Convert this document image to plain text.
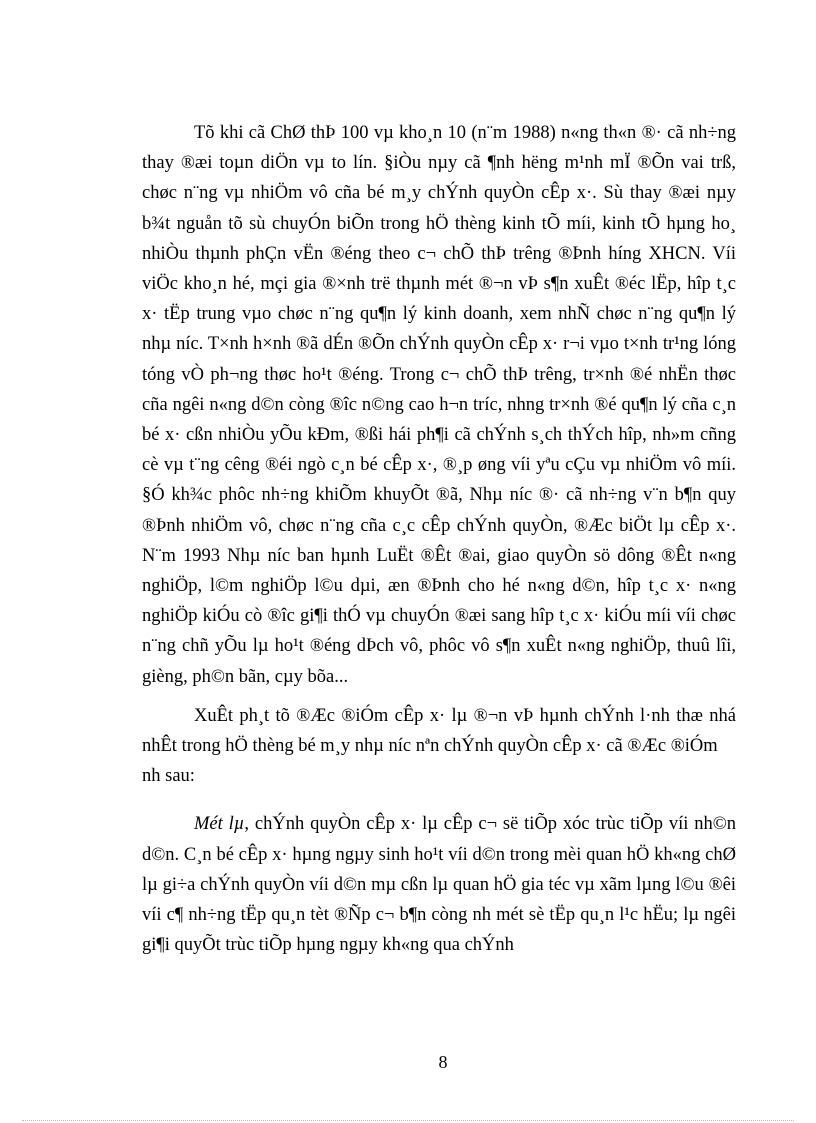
Tõ khi cã ChØ thÞ 100 vµ kho¸n 10 (n¨m 1988) n«ng th«n ®· cã nh÷ng thay ®æi toµn diÖn vµ to lín. §iÒu nµy cã ¶nh hëng m¹nh mÏ ®Õn vai trß, chøc n¨ng vµ nhiÖm vô cña bé m¸y chÝnh quyÒn cÊp x·. Sù thay ®æi nµy b¾t nguån tõ sù chuyÓn biÕn trong hÖ thèng kinh tÕ míi, kinh tÕ hµng ho¸ nhiÒu thµnh phÇn vËn ®éng theo c¬ chÕ thÞ trêng ®Þnh híng XHCN. Víi viÖc kho¸n hé, mçi gia ®×nh trë thµnh mét ®¬n vÞ s¶n xuÊt ®éc lËp, hîp t¸c x· tËp trung vµo chøc n¨ng qu¶n lý kinh doanh, xem nhÑ chøc n¨ng qu¶n lý nhµ níc. T×nh h×nh ®ã dÉn ®Õn chÝnh quyÒn cÊp x· r¬i vµo t×nh tr¹ng lóng tóng vÒ ph¬ng thøc ho¹t ®éng. Trong c¬ chÕ thÞ trêng, tr×nh ®é nhËn thøc cña ngêi n«ng d©n còng ®îc n©ng cao h¬n tríc, nhng tr×nh ®é qu¶n lý cña c¸n bé x· cßn nhiÒu yÕu kÐm, ®ßi hái ph¶i cã chÝnh s¸ch thÝch hîp, nh»m cñng cè vµ t¨ng cêng ®éi ngò c¸n bé cÊp x·, ®¸p øng víi yªu cÇu vµ nhiÖm vô míi. §Ó kh¾c phôc nh÷ng khiÕm khuyÕt ®ã, Nhµ níc ®· cã nh÷ng v¨n b¶n quy ®Þnh nhiÖm vô, chøc n¨ng cña c¸c cÊp chÝnh quyÒn, ®Æc biÖt lµ cÊp x·. N¨m 1993 Nhµ níc ban hµnh LuËt ®Êt ®ai, giao quyÒn sö dông ®Êt n«ng nghiÖp, l©m nghiÖp l©u dµi, æn ®Þnh cho hé n«ng d©n, hîp t¸c x· n«ng nghiÖp kiÓu cò ®îc gi¶i thÓ vµ chuyÓn ®æi sang hîp t¸c x· kiÓu míi víi chøc n¨ng chñ yÕu lµ ho¹t ®éng dÞch vô, phôc vô s¶n xuÊt n«ng nghiÖp, thuû lîi, gièng, ph©n bãn, cµy bõa...

XuÊt ph¸t tõ ®Æc ®iÓm cÊp x· lµ ®¬n vÞ hµnh chÝnh l·nh thæ nhá nhÊt trong hÖ thèng bé m¸y nhµ níc nªn chÝnh quyÒn cÊp x· cã ®Æc ®iÓm

nh sau:

Mét lµ, chÝnh quyÒn cÊp x· lµ cÊp c¬ së tiÕp xóc trùc tiÕp víi nh©n d©n. C¸n bé cÊp x· hµng ngµy sinh ho¹t víi d©n trong mèi quan hÖ kh«ng chØ lµ gi÷a chÝnh quyÒn víi d©n mµ cßn lµ quan hÖ gia téc vµ xãm lµng l©u ®êi víi c¶ nh÷ng tËp qu¸n tèt ®Ñp c¬ b¶n còng nh mét sè tËp qu¸n l¹c hËu; lµ ngêi gi¶i quyÕt trùc tiÕp hµng ngµy kh«ng qua chÝnh

8
